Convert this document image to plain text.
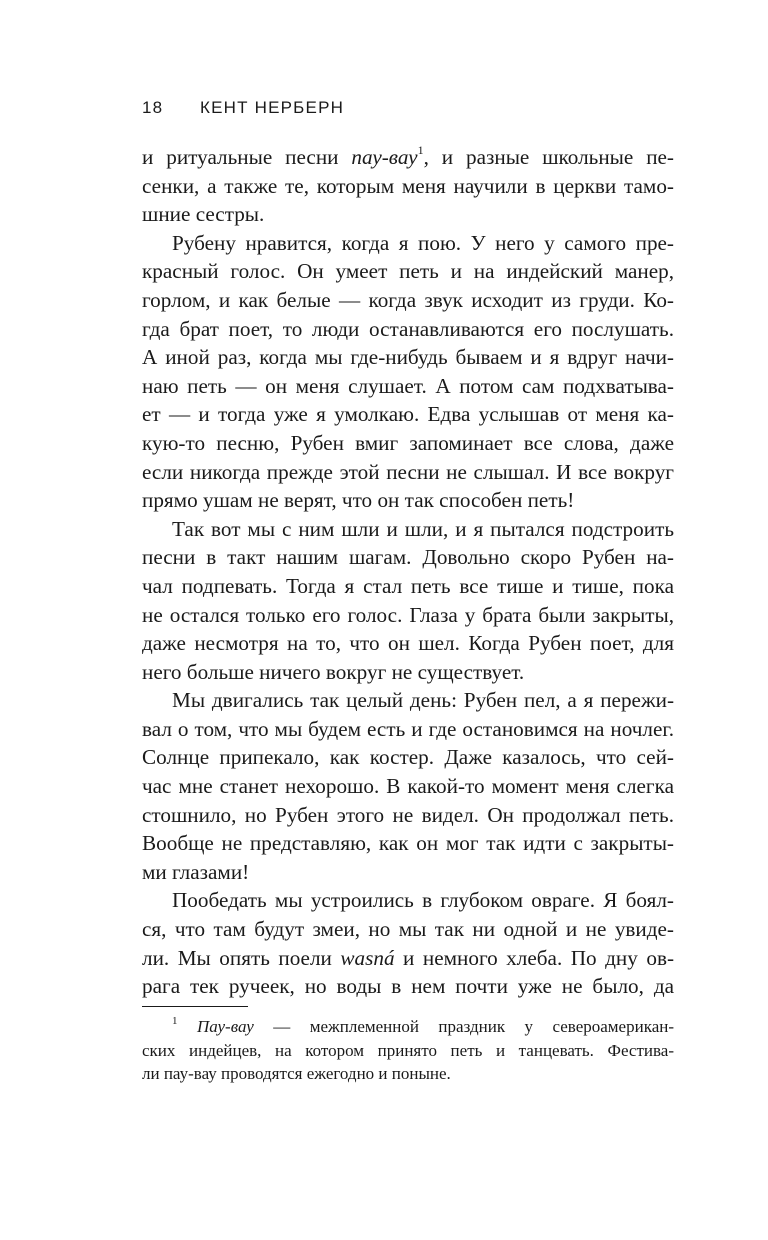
18 КЕНТ НЕРБЕРН

и ритуальные песни пау-вау$^1$, и разные школьные пе-
сенки, а также те, которым меня научили в церкви тамо-
шние сестры.

Рубену нравится, когда я пою. У него у самого пре-
красный голос. Он умеет петь и на индейский манер,
горлом, и как белые — когда звук исходит из груди. Ко-
гда брат поет, то люди останавливаются его послушать.
А иной раз, когда мы где-нибудь бываем и я вдруг начи-
наю петь — он меня слушает. А потом сам подхватыва-
ет — и тогда уже я умолкаю. Едва услышав от меня ка-
кую-то песню, Рубен вмиг запоминает все слова, даже
если никогда прежде этой песни не слышал. И все вокруг
прямо ушам не верят, что он так способен петь!

Так вот мы с ним шли и шли, и я пытался подстроить
песни в такт нашим шагам. Довольно скоро Рубен на-
чал подпевать. Тогда я стал петь все тише и тише, пока
не остался только его голос. Глаза у брата были закрыты,
даже несмотря на то, что он шел. Когда Рубен поет, для
него больше ничего вокруг не существует.

Мы двигались так целый день: Рубен пел, а я пережи-
вал о том, что мы будем есть и где остановимся на ночлег.
Солнце припекало, как костер. Даже казалось, что сей-
час мне станет нехорошо. В какой-то момент меня слегка
стошнило, но Рубен этого не видел. Он продолжал петь.
Вообще не представляю, как он мог так идти с закрыты-
ми глазами!

Пообедать мы устроились в глубоком овраге. Я боял-
ся, что там будут змеи, но мы так ни одной и не увиде-
ли. Мы опять поели wasná и немного хлеба. По дну ов-
рага тек ручеек, но воды в нем почти уже не было, да

$^1$ Пау-вау — межплеменной праздник у североамерикан-
ских индейцев, на котором принято петь и танцевать. Фестива-
ли пау-вау проводятся ежегодно и поныне.
